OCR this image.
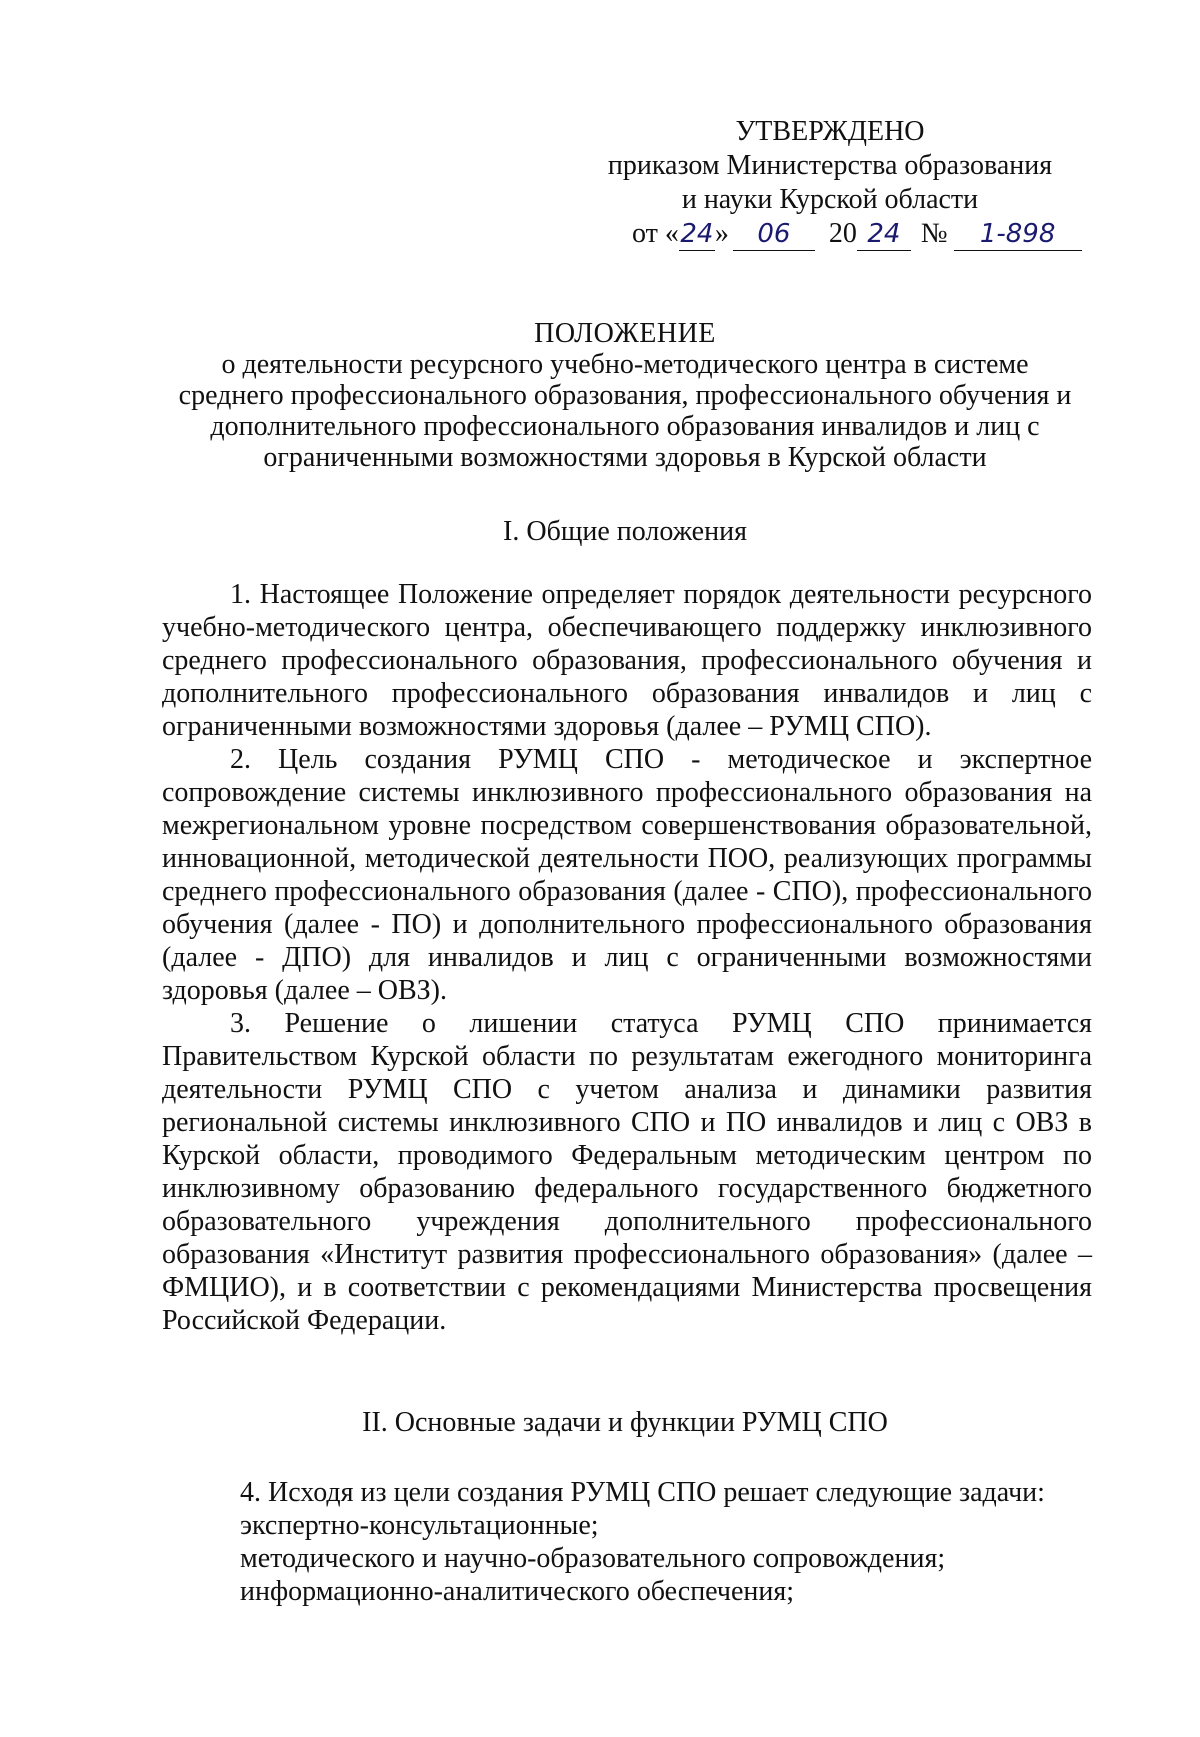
УТВЕРЖДЕНО
приказом Министерства образования
и науки Курской области
от «24» 06 20 24 № 1-898
ПОЛОЖЕНИЕ
о деятельности ресурсного учебно-методического центра в системе
среднего профессионального образования, профессионального обучения и
дополнительного профессионального образования инвалидов и лиц с
ограниченными возможностями здоровья в Курской области
I. Общие положения

1. Настоящее Положение определяет порядок деятельности ресурсного учебно-методического центра, обеспечивающего поддержку инклюзивного среднего профессионального образования, профессионального обучения и дополнительного профессионального образования инвалидов и лиц с ограниченными возможностями здоровья (далее – РУМЦ СПО).

2. Цель создания РУМЦ СПО - методическое и экспертное сопровождение системы инклюзивного профессионального образования на межрегиональном уровне посредством совершенствования образовательной, инновационной, методической деятельности ПОО, реализующих программы среднего профессионального образования (далее - СПО), профессионального обучения (далее - ПО) и дополнительного профессионального образования (далее - ДПО) для инвалидов и лиц с ограниченными возможностями здоровья (далее – ОВЗ).

3. Решение о лишении статуса РУМЦ СПО принимается Правительством Курской области по результатам ежегодного мониторинга деятельности РУМЦ СПО с учетом анализа и динамики развития региональной системы инклюзивного СПО и ПО инвалидов и лиц с ОВЗ в Курской области, проводимого Федеральным методическим центром по инклюзивному образованию федерального государственного бюджетного образовательного учреждения дополнительного профессионального образования «Институт развития профессионального образования» (далее – ФМЦИО), и в соответствии с рекомендациями Министерства просвещения Российской Федерации.

II. Основные задачи и функции РУМЦ СПО
4. Исходя из цели создания РУМЦ СПО решает следующие задачи:
экспертно-консультационные;
методического и научно-образовательного сопровождения;
информационно-аналитического обеспечения;
